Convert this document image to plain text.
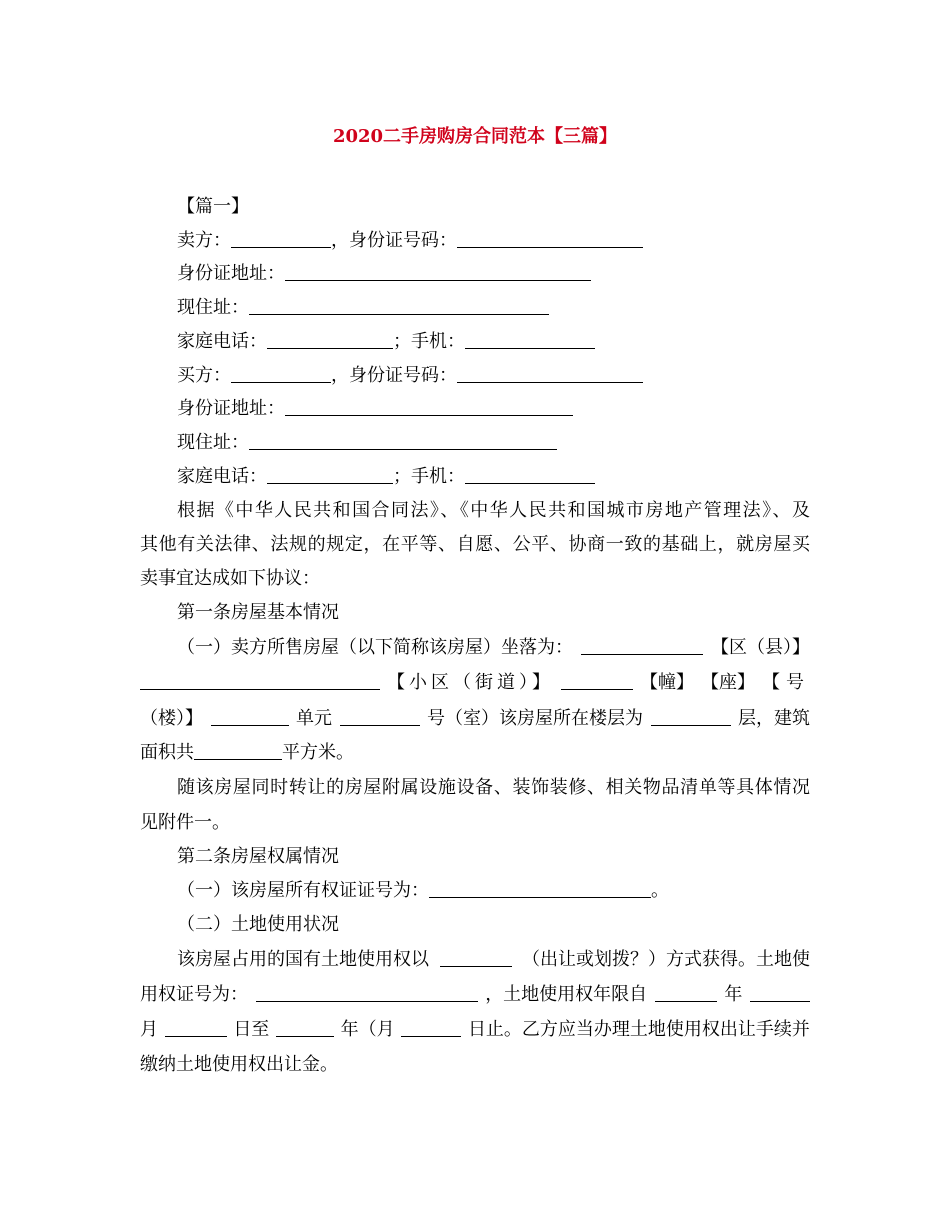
2020二手房购房合同范本【三篇】
【篇一】
卖方：	，身份证号码：
身份证地址：
现住址：
家庭电话：	；手机：
买方：	，身份证号码：
身份证地址：
现住址：
家庭电话：	；手机：
根据《中华人民共和国合同法》、《中华人民共和国城市房地产管理法》、及
其他有关法律、法规的规定，在平等、自愿、公平、协商一致的基础上，就房屋买
卖事宜达成如下协议：
第一条房屋基本情况
（一）卖方所售房屋（以下简称该房屋）坐落为：	【区（县）】
【小区（街道）】	【幢】 【座】 【号
（楼）】	单元	号（室）该房屋所在楼层为	层，建筑
面积共	平方米。
随该房屋同时转让的房屋附属设施设备、装饰装修、相关物品清单等具体情况
见附件一。
第二条房屋权属情况
（一）该房屋所有权证证号为：	。
（二）土地使用状况
该房屋占用的国有土地使用权以	（出让或划拨？）方式获得。土地使
用权证号为：	，土地使用权年限自	年
月	日至	年（月	日止。乙方应当办理土地使用权出让手续并
缴纳土地使用权出让金。
